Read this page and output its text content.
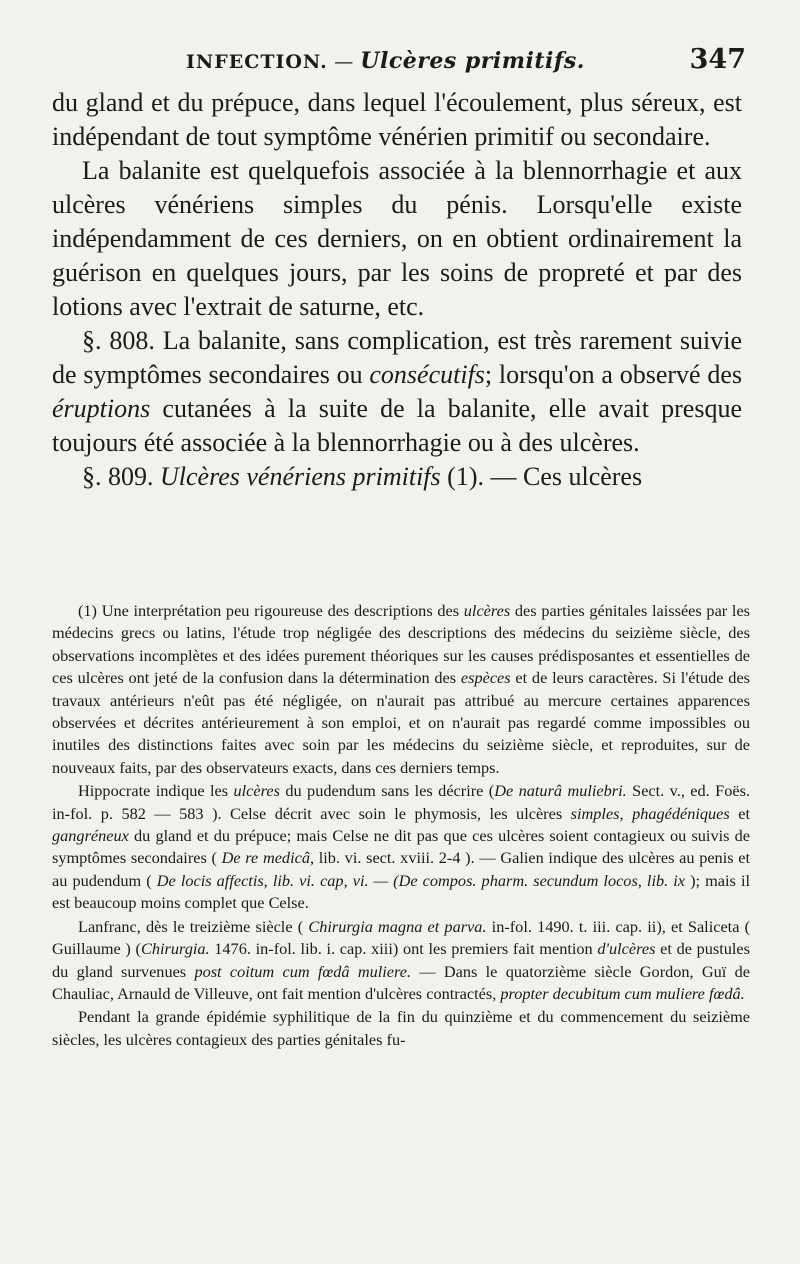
INFECTION. — Ulcères primitifs.	347

du gland et du prépuce, dans lequel l'écoulement, plus séreux, est indépendant de tout symptôme vénérien primitif ou secondaire.

La balanite est quelquefois associée à la blennorrhagie et aux ulcères vénériens simples du pénis. Lorsqu'elle existe indépendamment de ces derniers, on en obtient ordinairement la guérison en quelques jours, par les soins de propreté et par des lotions avec l'extrait de saturne, etc.

§. 808. La balanite, sans complication, est très rarement suivie de symptômes secondaires ou consécutifs; lorsqu'on a observé des éruptions cutanées à la suite de la balanite, elle avait presque toujours été associée à la blennorrhagie ou à des ulcères.

§. 809. Ulcères vénériens primitifs (1). — Ces ulcères

(1) Une interprétation peu rigoureuse des descriptions des ulcères des parties génitales laissées par les médecins grecs ou latins, l'étude trop négligée des descriptions des médecins du seizième siècle, des observations incomplètes et des idées purement théoriques sur les causes prédisposantes et essentielles de ces ulcères ont jeté de la confusion dans la détermination des espèces et de leurs caractères. Si l'étude des travaux antérieurs n'eût pas été négligée, on n'aurait pas attribué au mercure certaines apparences observées et décrites antérieurement à son emploi, et on n'aurait pas regardé comme impossibles ou inutiles des distinctions faites avec soin par les médecins du seizième siècle, et reproduites, sur de nouveaux faits, par des observateurs exacts, dans ces derniers temps.

Hippocrate indique les ulcères du pudendum sans les décrire (De naturâ muliebri. Sect. v., ed. Foës. in-fol. p. 582 — 583 ). Celse décrit avec soin le phymosis, les ulcères simples, phagédéniques et gangréneux du gland et du prépuce; mais Celse ne dit pas que ces ulcères soient contagieux ou suivis de symptômes secondaires ( De re medicâ, lib. vi. sect. xviii. 2-4 ). — Galien indique des ulcères au penis et au pudendum ( De locis affectis, lib. vi. cap, vi. — (De compos. pharm. secundum locos, lib. ix ); mais il est beaucoup moins complet que Celse.

Lanfranc, dès le treizième siècle ( Chirurgia magna et parva. in-fol. 1490. t. iii. cap. ii), et Saliceta ( Guillaume ) (Chirurgia. 1476. in-fol. lib. i. cap. xiii) ont les premiers fait mention d'ulcères et de pustules du gland survenues post coitum cum fœdâ muliere. — Dans le quatorzième siècle Gordon, Guï de Chauliac, Arnauld de Villeuve, ont fait mention d'ulcères contractés, propter decubitum cum muliere fœdâ.

Pendant la grande épidémie syphilitique de la fin du quinzième et du commencement du seizième siècles, les ulcères contagieux des parties génitales fu-
